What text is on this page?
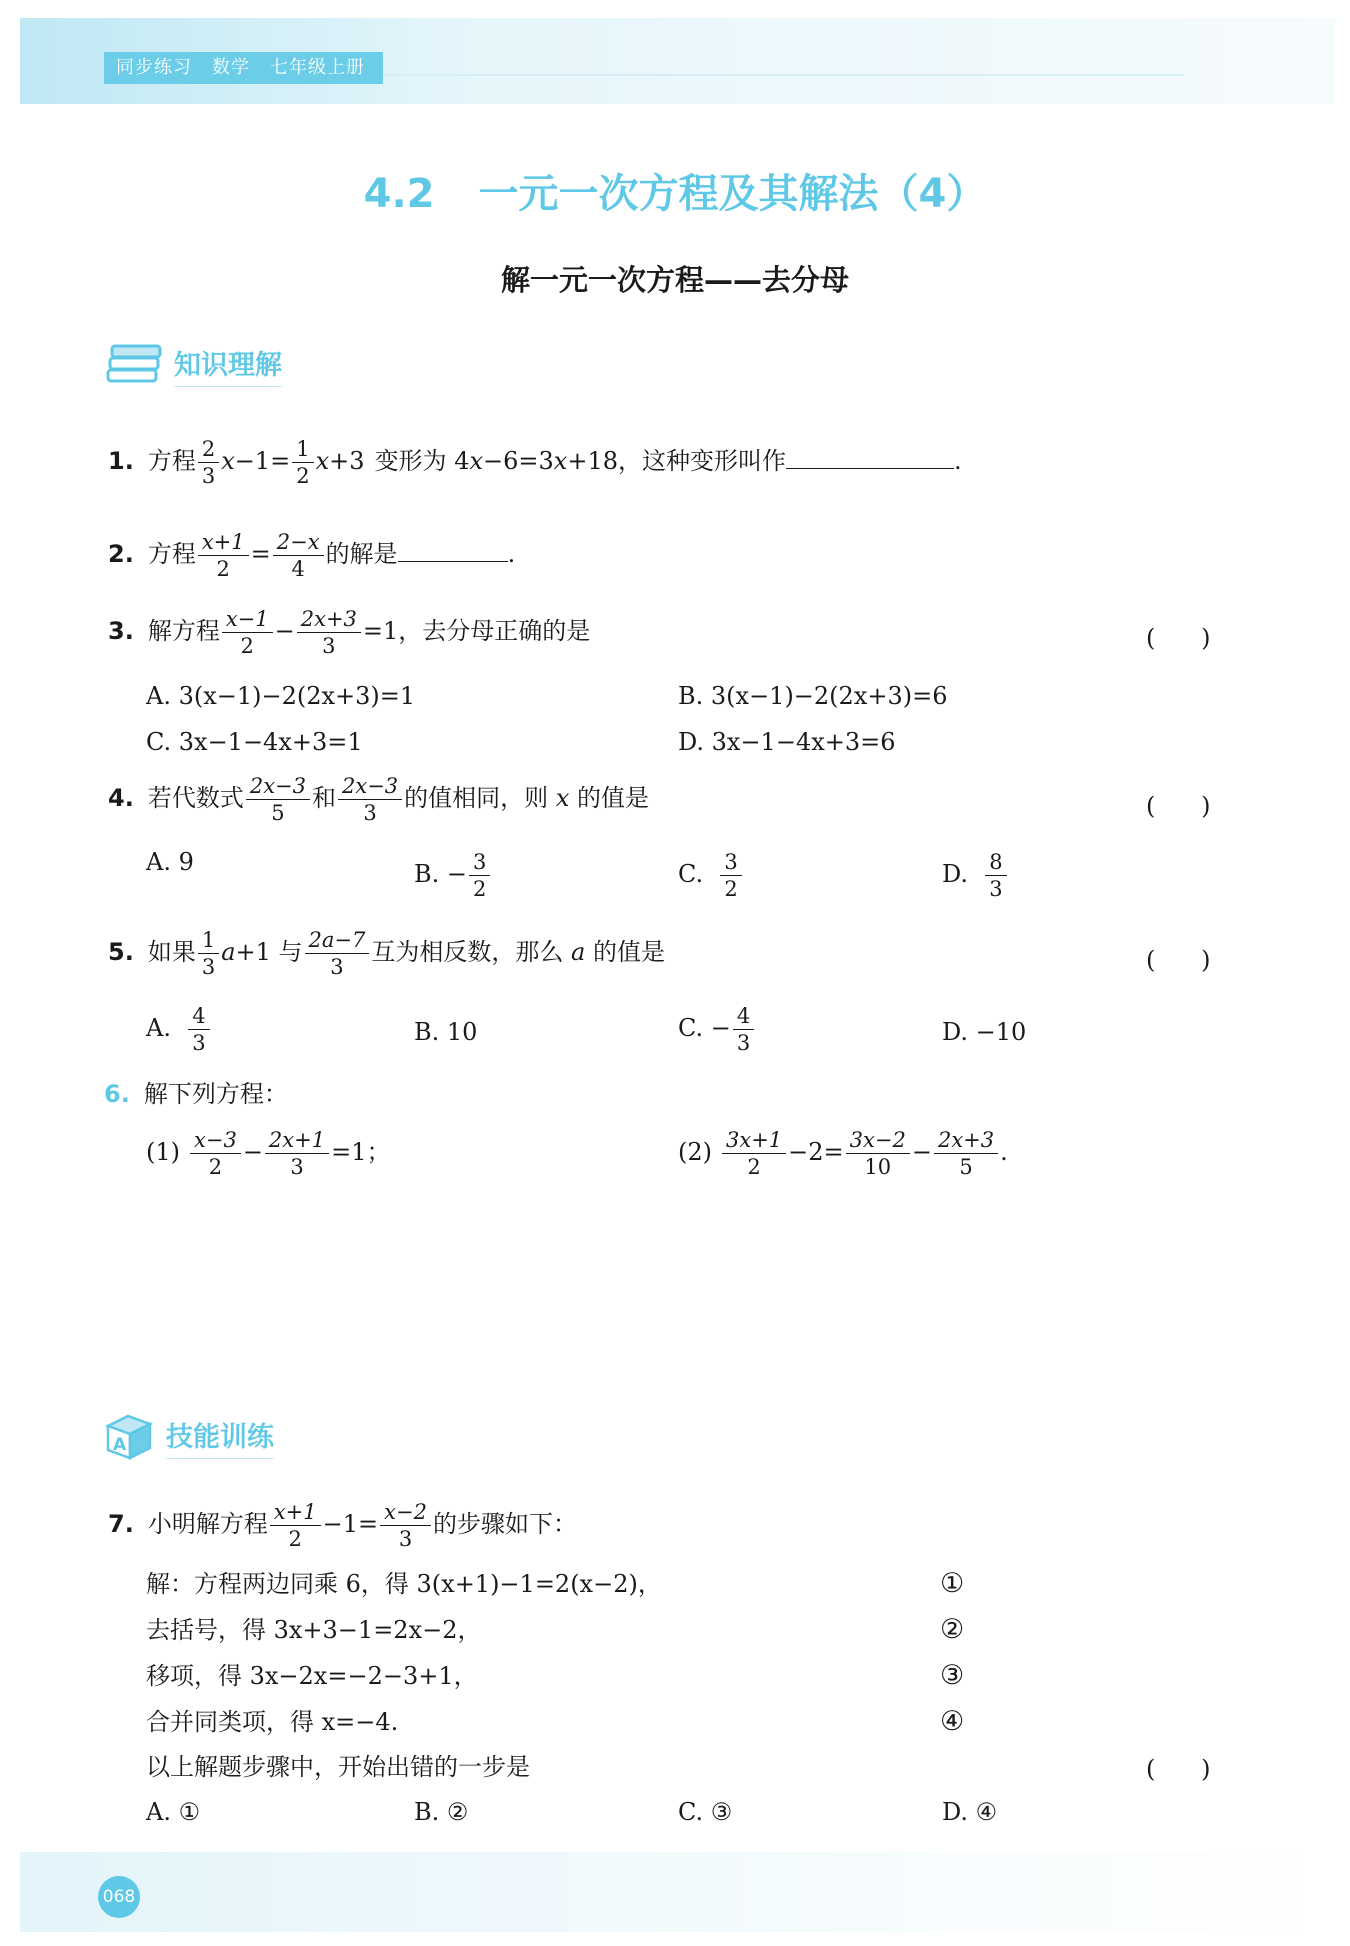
同步练习 数学 七年级上册
4.2 一元一次方程及其解法（4）
解一元一次方程——去分母
知识理解
1. 方程 $\frac{2}{3} x-1= \frac{1}{2} x+3$ 变形为 4x−6=3x+18，这种变形叫作	.
2. 方程 $\frac{x+1}{2} = \frac{2-x}{4}$ 的解是	.
3. 解方程 $\frac{x-1}{2} - \frac{2x+3}{3} =1$，去分母正确的是	(      )
A. 3(x−1)−2(2x+3)=1	B. 3(x−1)−2(2x+3)=6
C. 3x−1−4x+3=1	D. 3x−1−4x+3=6
4. 若代数式 $\frac{2x-3}{5}$ 和 $\frac{2x-3}{3}$ 的值相同，则 x 的值是	(      )
A. 9	B. − $\frac{3}{2}$	C. $\frac{3}{2}$	D. $\frac{8}{3}$
5. 如果 $\frac{1}{3} a+1$ 与 $\frac{2a-7}{3}$ 互为相反数，那么 a 的值是	(      )
A. $\frac{4}{3}$	B. 10	C. − $\frac{4}{3}$	D. −10
6. 解下列方程：
$(1) \frac{x-3}{2} - \frac{2x+1}{3} =1$；	$(2) \frac{3x+1}{2} -2= \frac{3x-2}{10} - \frac{2x+3}{5}$ .
A 技能训练
7. 小明解方程 $\frac{x+1}{2} -1= \frac{x-2}{3}$ 的步骤如下：
解：方程两边同乘 6，得 3(x+1)−1=2(x−2)，	①
去括号，得 3x+3−1=2x−2，	②
移项，得 3x−2x=−2−3+1，	③
合并同类项，得 x=−4.	④
以上解题步骤中，开始出错的一步是	(      )
A. ①	B. ②	C. ③	D. ④
068
